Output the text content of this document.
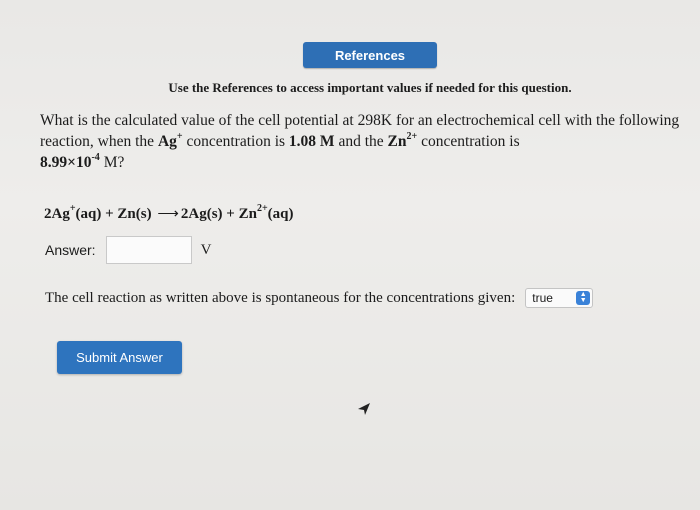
References
Use the References to access important values if needed for this question.
What is the calculated value of the cell potential at 298K for an electrochemical cell with the following reaction, when the Ag+ concentration is 1.08 M and the $Zn^{2+}$ concentration is
$8.99\times 10^{-4}$ M?
2Ag+(aq) + Zn(s) ⟶ $2Ag(s) + Zn^{2+}(aq)$
Answer:	V
The cell reaction as written above is spontaneous for the concentrations given: true	▲
▼
Submit Answer
